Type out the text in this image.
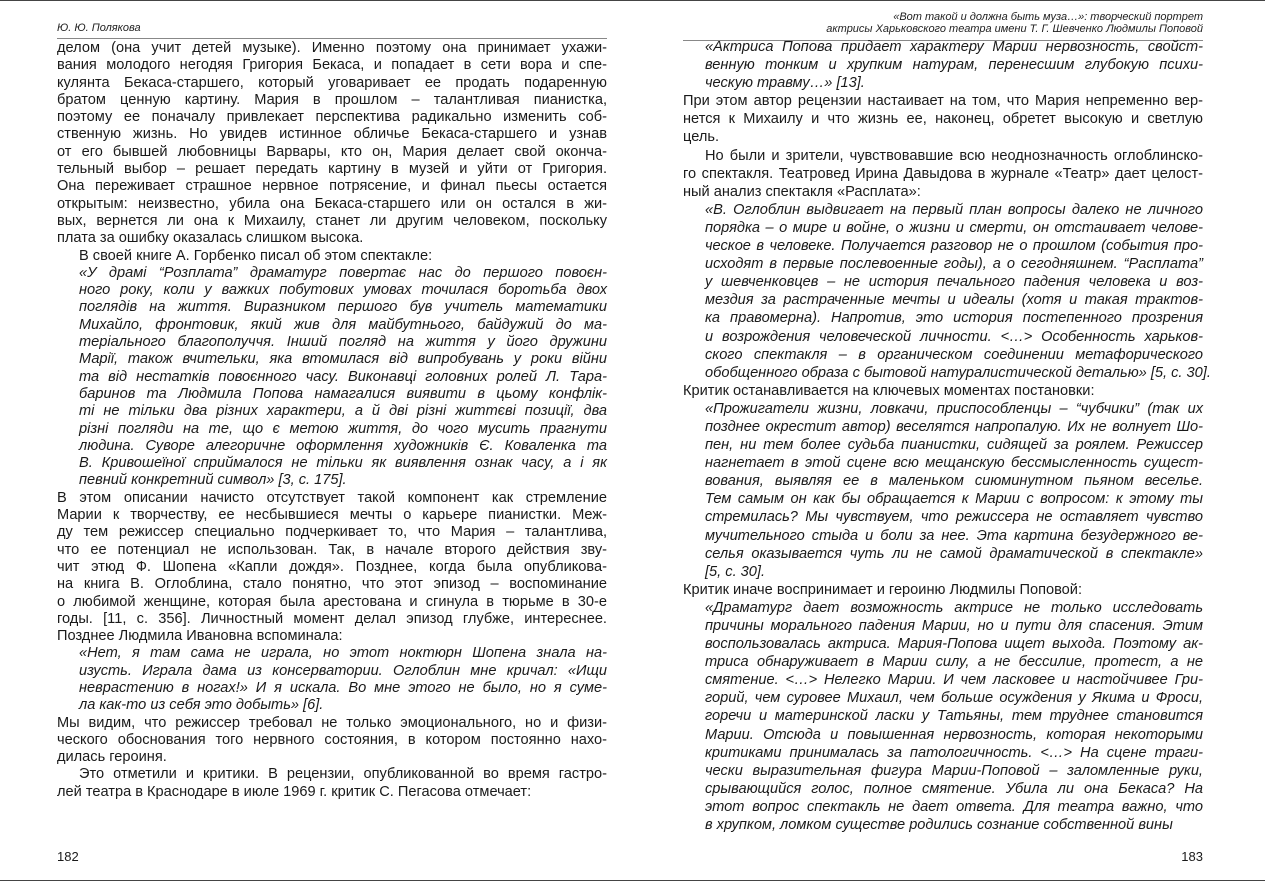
Ю. Ю. Полякова
делом (она учит детей музыке). Именно поэтому она принимает ухажи-
вания молодого негодяя Григория Бекаса, и попадает в сети вора и спе-
кулянта Бекаса-старшего, который уговаривает ее продать подаренную
братом ценную картину. Мария в прошлом – талантливая пианистка,
поэтому ее поначалу привлекает перспектива радикально изменить соб-
ственную жизнь. Но увидев истинное обличье Бекаса-старшего и узнав
от его бывшей любовницы Варвары, кто он, Мария делает свой оконча-
тельный выбор – решает передать картину в музей и уйти от Григория.
Она переживает страшное нервное потрясение, и финал пьесы остается
открытым: неизвестно, убила она Бекаса-старшего или он остался в жи-
вых, вернется ли она к Михаилу, станет ли другим человеком, поскольку
плата за ошибку оказалась слишком высока.
В своей книге А. Горбенко писал об этом спектакле:
«У драмі “Розплата” драматург повертає нас до першого повоєн-
ного року, коли у важких побутових умовах точилася боротьба двох
поглядів на життя. Виразником першого був учитель математики
Михайло, фронтовик, який жив для майбутнього, байдужий до ма-
теріального благополуччя. Інший погляд на життя у його дружини
Марії, також вчительки, яка втомилася від випробувань у роки війни
та від нестатків повоєнного часу. Виконавці головних ролей Л. Тара-
баринов та Людмила Попова намагалися виявити в цьому конфлік-
ті не тільки два різних характери, а й дві різні життєві позиції, два
різні погляди на те, що є метою життя, до чого мусить прагнути
людина. Суворе алегоричне оформлення художників Є. Коваленка та
В. Кривошеїної сприймалося не тільки як виявлення ознак часу, а і як
певний конкретний символ» [3, с. 175].
В этом описании начисто отсутствует такой компонент как стремление
Марии к творчеству, ее несбывшиеся мечты о карьере пианистки. Меж-
ду тем режиссер специально подчеркивает то, что Мария – талантлива,
что ее потенциал не использован. Так, в начале второго действия зву-
чит этюд Ф. Шопена «Капли дождя». Позднее, когда была опубликова-
на книга В. Оглоблина, стало понятно, что этот эпизод – воспоминание
о любимой женщине, которая была арестована и сгинула в тюрьме в 30-е
годы. [11, с. 356]. Личностный момент делал эпизод глубже, интереснее.
Позднее Людмила Ивановна вспоминала:
«Нет, я там сама не играла, но этот ноктюрн Шопена знала на-
изусть. Играла дама из консерватории. Оглоблин мне кричал: «Ищи
неврастению в ногах!» И я искала. Во мне этого не было, но я суме-
ла как-то из себя это добыть» [6].
Мы видим, что режиссер требовал не только эмоционального, но и физи-
ческого обоснования того нервного состояния, в котором постоянно нахо-
дилась героиня.
Это отметили и критики. В рецензии, опубликованной во время гастро-
лей театра в Краснодаре в июле 1969 г. критик С. Пегасова отмечает:
182
«Вот такой и должна быть муза…»: творческий портрет
актрисы Харьковского театра имени Т. Г. Шевченко Людмилы Поповой
«Актриса Попова придает характеру Марии нервозность, свойст-
венную тонким и хрупким натурам, перенесшим глубокую психи-
ческую травму…» [13].
При этом автор рецензии настаивает на том, что Мария непременно вер-
нется к Михаилу и что жизнь ее, наконец, обретет высокую и светлую
цель.
Но были и зрители, чувствовавшие всю неоднозначность оглоблинско-
го спектакля. Театровед Ирина Давыдова в журнале «Театр» дает целост-
ный анализ спектакля «Расплата»:
«В. Оглоблин выдвигает на первый план вопросы далеко не личного
порядка – о мире и войне, о жизни и смерти, он отстаивает челове-
ческое в человеке. Получается разговор не о прошлом (события про-
исходят в первые послевоенные годы), а о сегодняшнем. “Расплата”
у шевченковцев – не история печального падения человека и воз-
мездия за растраченные мечты и идеалы (хотя и такая трактов-
ка правомерна). Напротив, это история постепенного прозрения
и возрождения человеческой личности. <…> Особенность харьков-
ского спектакля – в органическом соединении метафорического
обобщенного образа с бытовой натуралистической деталью» [5, с. 30].
Критик останавливается на ключевых моментах постановки:
«Прожигатели жизни, ловкачи, приспособленцы – “чубчики” (так их
позднее окрестит автор) веселятся напропалую. Их не волнует Шо-
пен, ни тем более судьба пианистки, сидящей за роялем. Режиссер
нагнетает в этой сцене всю мещанскую бессмысленность сущест-
вования, выявляя ее в маленьком сиюминутном пьяном веселье.
Тем самым он как бы обращается к Марии с вопросом: к этому ты
стремилась? Мы чувствуем, что режиссера не оставляет чувство
мучительного стыда и боли за нее. Эта картина безудержного ве-
селья оказывается чуть ли не самой драматической в спектакле»
[5, с. 30].
Критик иначе воспринимает и героиню Людмилы Поповой:
«Драматург дает возможность актрисе не только исследовать
причины морального падения Марии, но и пути для спасения. Этим
воспользовалась актриса. Мария-Попова ищет выхода. Поэтому ак-
триса обнаруживает в Марии силу, а не бессилие, протест, а не
смятение. <…> Нелегко Марии. И чем ласковее и настойчивее Гри-
горий, чем суровее Михаил, чем больше осуждения у Якима и Фроси,
горечи и материнской ласки у Татьяны, тем труднее становится
Марии. Отсюда и повышенная нервозность, которая некоторыми
критиками принималась за патологичность. <…> На сцене траги-
чески выразительная фигура Марии-Поповой – заломленные руки,
срывающийся голос, полное смятение. Убила ли она Бекаса? На
этот вопрос спектакль не дает ответа. Для театра важно, что
в хрупком, ломком существе родились сознание собственной вины
183
